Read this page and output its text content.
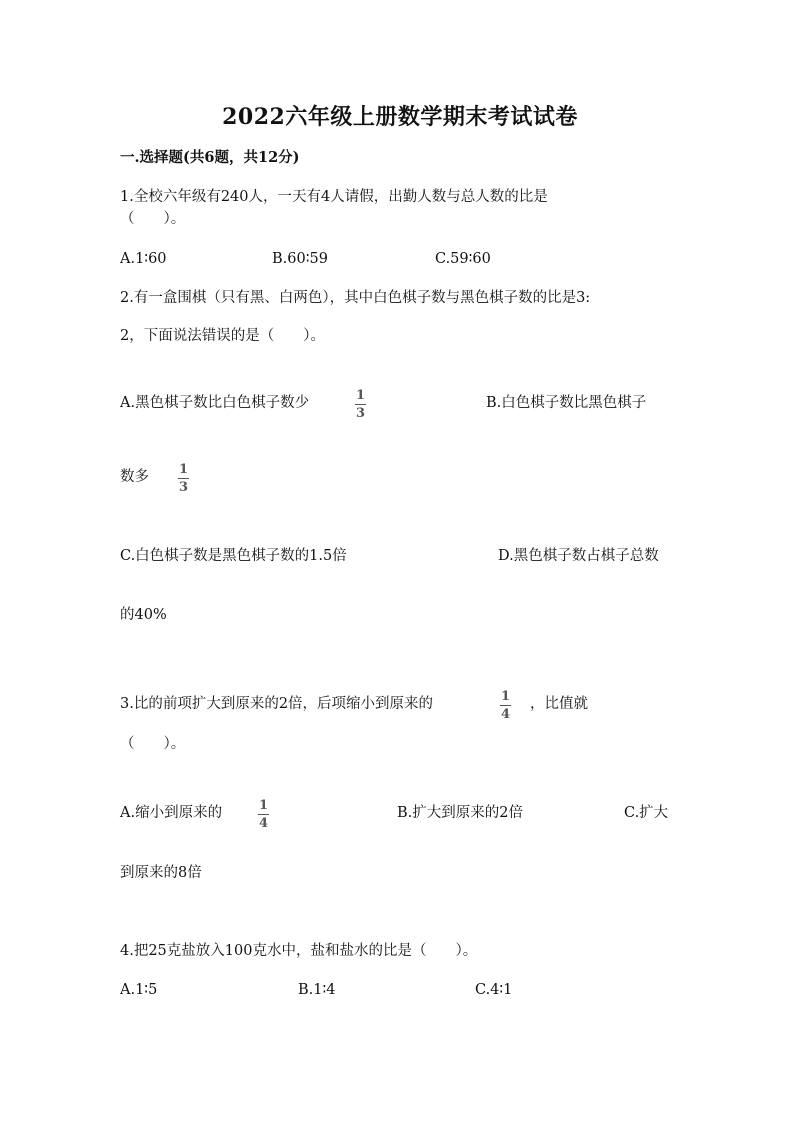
2022六年级上册数学期末考试试卷
一.选择题(共6题，共12分)
1.全校六年级有240人，一天有4人请假，出勤人数与总人数的比是
（　　）。
A.1∶60	B.60∶59	C.59∶60
2.有一盒围棋（只有黑、白两色），其中白色棋子数与黑色棋子数的比是3:
2，下面说法错误的是（　　）。
A.黑色棋子数比白色棋子数少	1
3
B.白色棋子数比黑色棋子
数多 1
3
C.白色棋子数是黑色棋子数的1.5倍	D.黑色棋子数占棋子总数
的40%
3.比的前项扩大到原来的2倍，后项缩小到原来的	1
4
，比值就
（　　）。
A.缩小到原来的	1
4
B.扩大到原来的2倍	C.扩大
到原来的8倍
4.把25克盐放入100克水中，盐和盐水的比是（　　）。
A.1∶5	B.1∶4	C.4∶1
